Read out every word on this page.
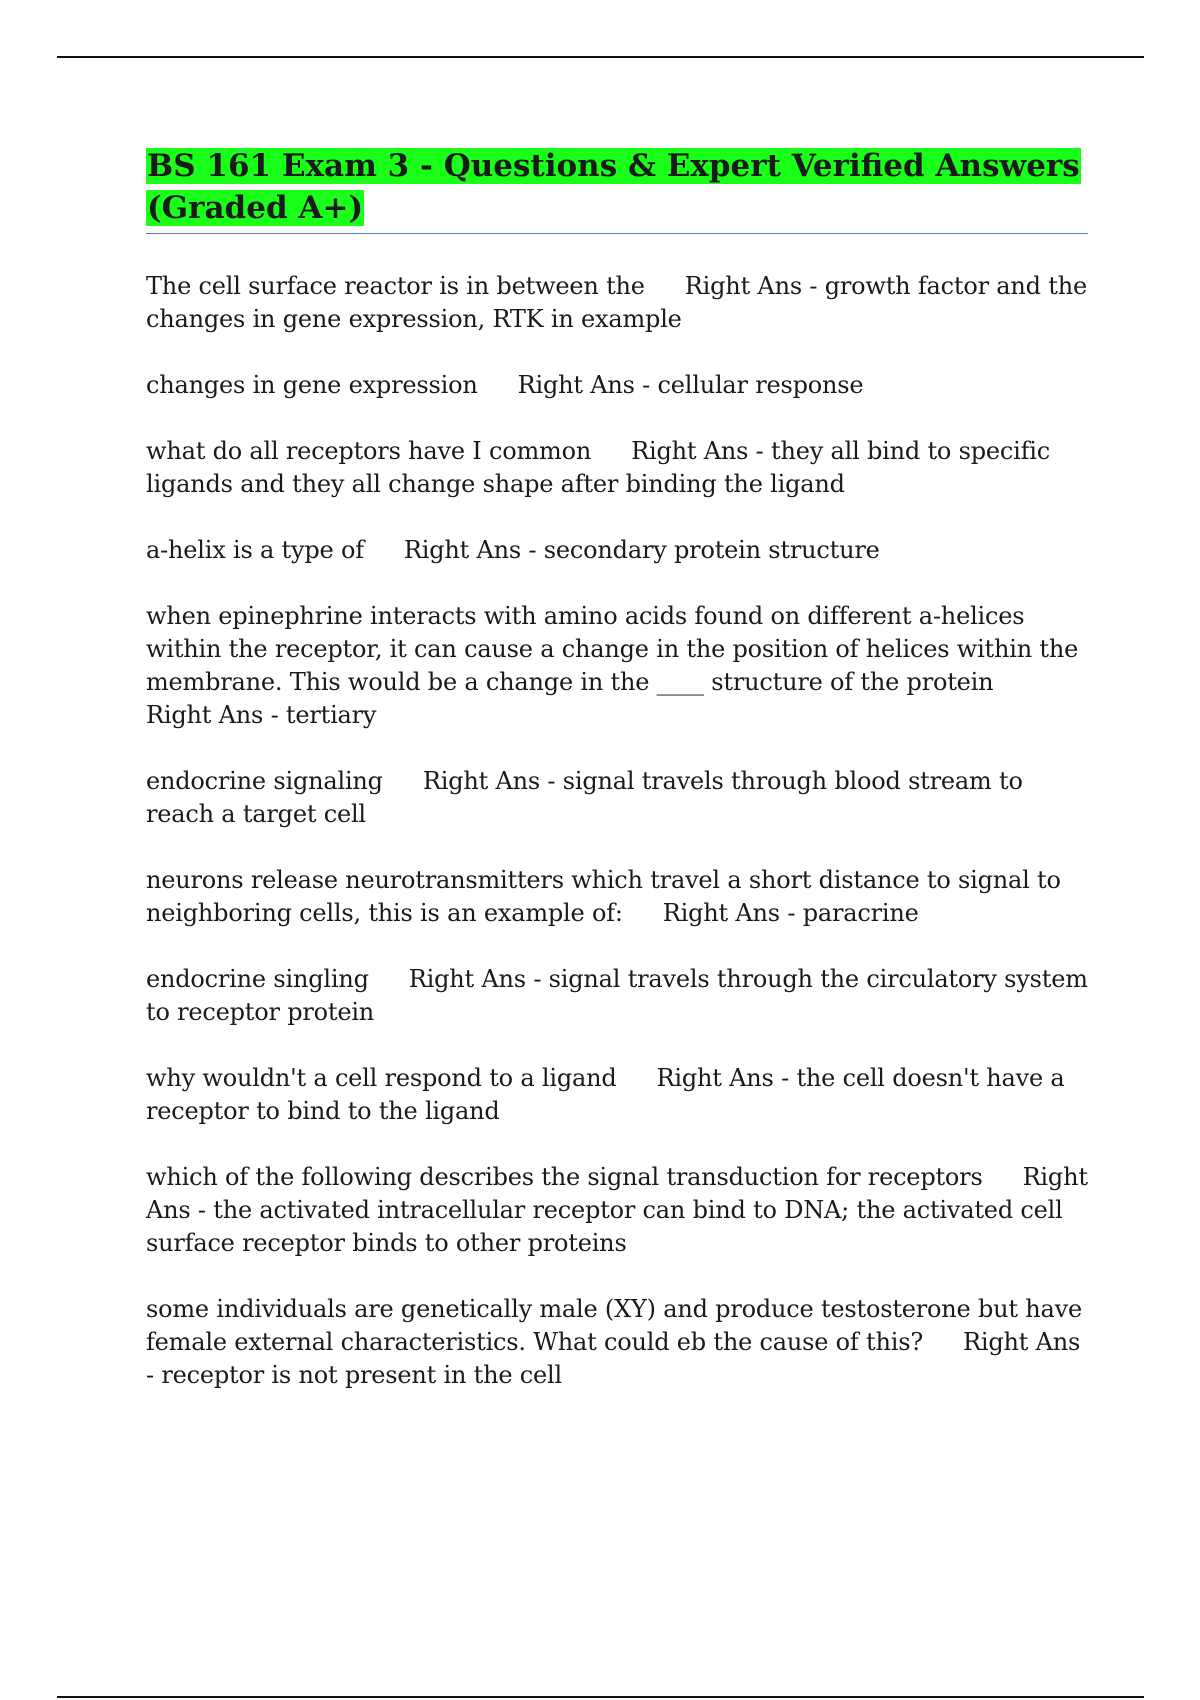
BS 161 Exam 3 - Questions & Expert Verified Answers (Graded A+)

The cell surface reactor is in between the Right Ans - growth factor and the changes in gene expression, RTK in example

changes in gene expression Right Ans - cellular response

what do all receptors have I common Right Ans - they all bind to specific ligands and they all change shape after binding the ligand

a-helix is a type of Right Ans - secondary protein structure

when epinephrine interacts with amino acids found on different a-helices within the receptor, it can cause a change in the position of helices within the membrane. This would be a change in the ____ structure of the proteinRight Ans - tertiary

endocrine signaling Right Ans - signal travels through blood stream to reach a target cell

neurons release neurotransmitters which travel a short distance to signal to neighboring cells, this is an example of: Right Ans - paracrine

endocrine singling Right Ans - signal travels through the circulatory system to receptor protein

why wouldn't a cell respond to a ligand Right Ans - the cell doesn't have a receptor to bind to the ligand

which of the following describes the signal transduction for receptors Right Ans - the activated intracellular receptor can bind to DNA; the activated cell surface receptor binds to other proteins

some individuals are genetically male (XY) and produce testosterone but have female external characteristics. What could eb the cause of this? Right Ans - receptor is not present in the cell
